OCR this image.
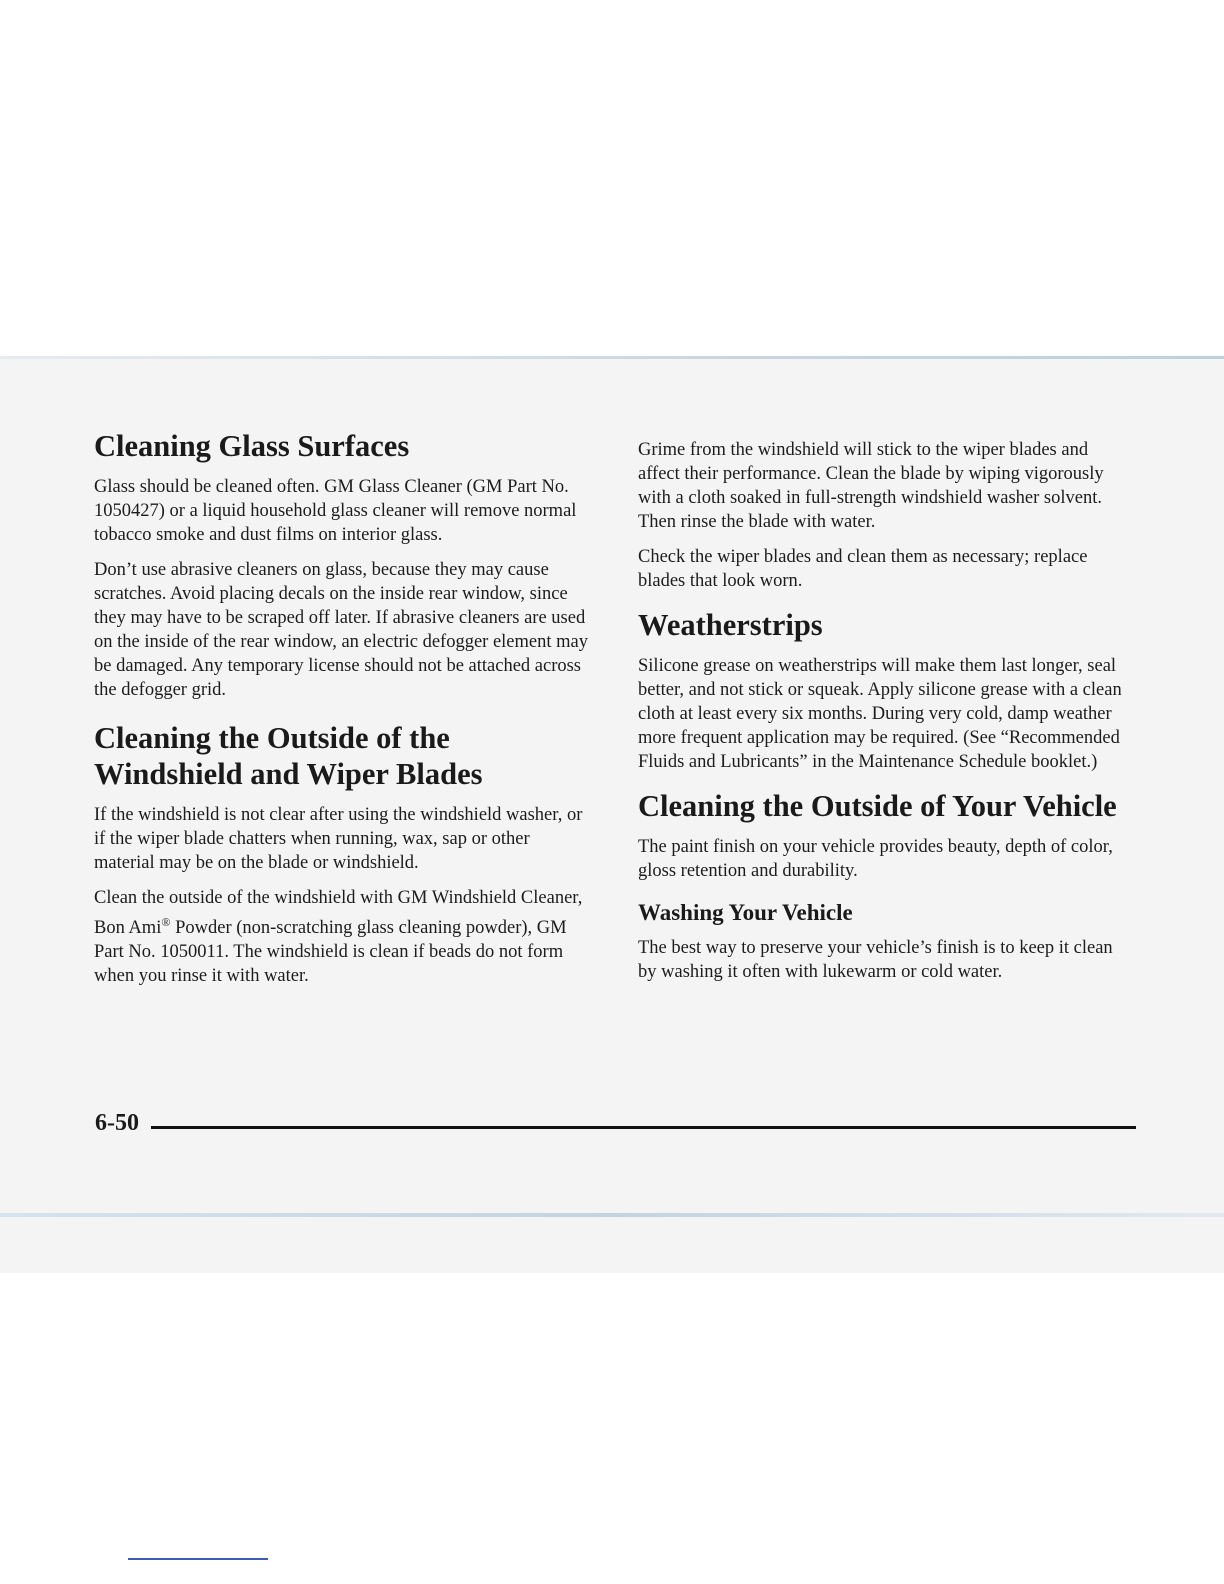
Cleaning Glass Surfaces

Glass should be cleaned often. GM Glass Cleaner (GM Part No. 1050427) or a liquid household glass cleaner will remove normal tobacco smoke and dust films on interior glass.

Don’t use abrasive cleaners on glass, because they may cause scratches. Avoid placing decals on the inside rear window, since they may have to be scraped off later. If abrasive cleaners are used on the inside of the rear window, an electric defogger element may be damaged. Any temporary license should not be attached across the defogger grid.

Cleaning the Outside of the Windshield and Wiper Blades

If the windshield is not clear after using the windshield washer, or if the wiper blade chatters when running, wax, sap or other material may be on the blade or windshield.

Clean the outside of the windshield with GM Windshield Cleaner, Bon Ami® Powder (non-scratching glass cleaning powder), GM Part No. 1050011. The windshield is clean if beads do not form when you rinse it with water.

Grime from the windshield will stick to the wiper blades and affect their performance. Clean the blade by wiping vigorously with a cloth soaked in full-strength windshield washer solvent. Then rinse the blade with water.

Check the wiper blades and clean them as necessary; replace blades that look worn.

Weatherstrips

Silicone grease on weatherstrips will make them last longer, seal better, and not stick or squeak. Apply silicone grease with a clean cloth at least every six months. During very cold, damp weather more frequent application may be required. (See “Recommended Fluids and Lubricants” in the Maintenance Schedule booklet.)

Cleaning the Outside of Your Vehicle

The paint finish on your vehicle provides beauty, depth of color, gloss retention and durability.

Washing Your Vehicle

The best way to preserve your vehicle’s finish is to keep it clean by washing it often with lukewarm or cold water.

6-50
